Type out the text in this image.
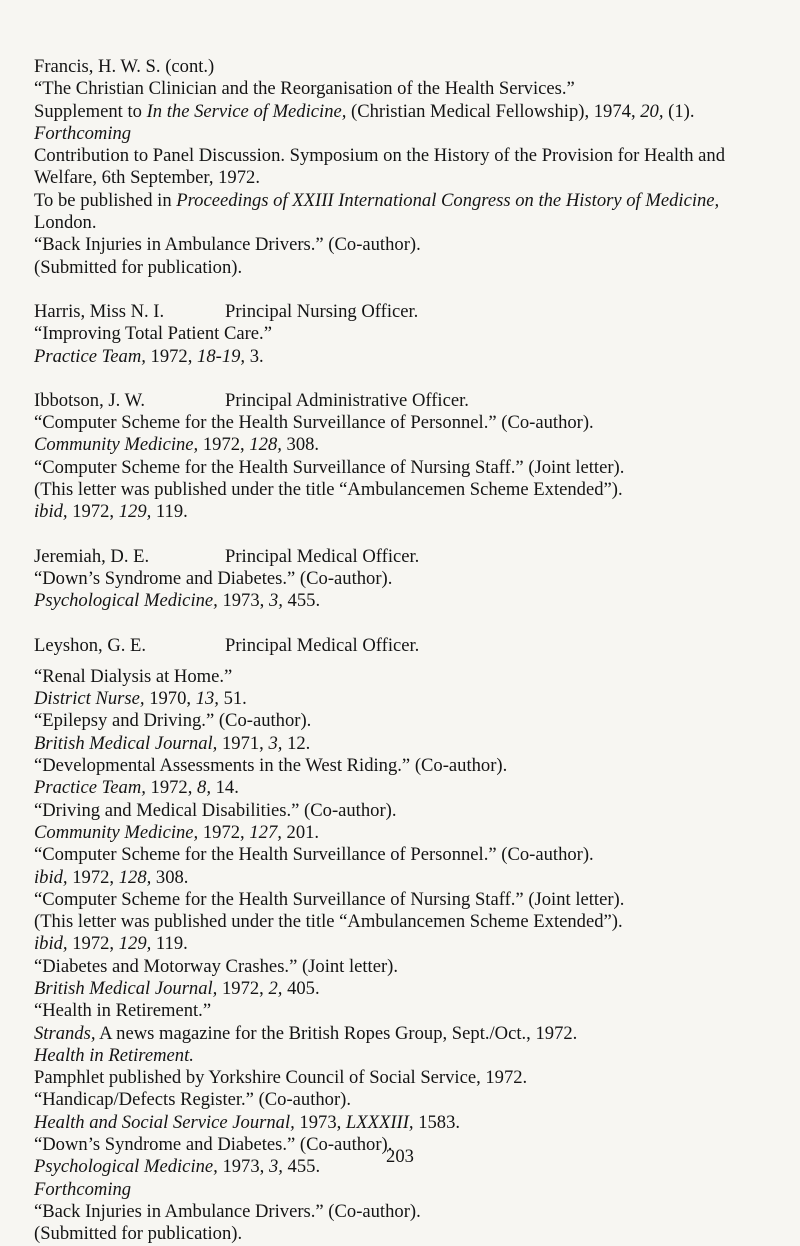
Francis, H. W. S. (cont.)
“The Christian Clinician and the Reorganisation of the Health Services.”
Supplement to In the Service of Medicine, (Christian Medical Fellowship), 1974, 20, (1).
Forthcoming
Contribution to Panel Discussion. Symposium on the History of the Provision for Health and Welfare, 6th September, 1972.
To be published in Proceedings of XXIII International Congress on the History of Medicine, London.
“Back Injuries in Ambulance Drivers.” (Co-author).
(Submitted for publication).
Harris, Miss N. I.	Principal Nursing Officer.
“Improving Total Patient Care.”
Practice Team, 1972, 18-19, 3.
Ibbotson, J. W.	Principal Administrative Officer.
“Computer Scheme for the Health Surveillance of Personnel.” (Co-author).
Community Medicine, 1972, 128, 308.
“Computer Scheme for the Health Surveillance of Nursing Staff.” (Joint letter).
(This letter was published under the title “Ambulancemen Scheme Extended”).
ibid, 1972, 129, 119.
Jeremiah, D. E.	Principal Medical Officer.
“Down’s Syndrome and Diabetes.” (Co-author).
Psychological Medicine, 1973, 3, 455.
Leyshon, G. E.	Principal Medical Officer.
“Renal Dialysis at Home.”
District Nurse, 1970, 13, 51.
“Epilepsy and Driving.” (Co-author).
British Medical Journal, 1971, 3, 12.
“Developmental Assessments in the West Riding.” (Co-author).
Practice Team, 1972, 8, 14.
“Driving and Medical Disabilities.” (Co-author).
Community Medicine, 1972, 127, 201.
“Computer Scheme for the Health Surveillance of Personnel.” (Co-author).
ibid, 1972, 128, 308.
“Computer Scheme for the Health Surveillance of Nursing Staff.” (Joint letter).
(This letter was published under the title “Ambulancemen Scheme Extended”).
ibid, 1972, 129, 119.
“Diabetes and Motorway Crashes.” (Joint letter).
British Medical Journal, 1972, 2, 405.
“Health in Retirement.”
Strands, A news magazine for the British Ropes Group, Sept./Oct., 1972.
Health in Retirement.
Pamphlet published by Yorkshire Council of Social Service, 1972.
“Handicap/Defects Register.” (Co-author).
Health and Social Service Journal, 1973, LXXXIII, 1583.
“Down’s Syndrome and Diabetes.” (Co-author).
Psychological Medicine, 1973, 3, 455.
Forthcoming
“Back Injuries in Ambulance Drivers.” (Co-author).
(Submitted for publication).
203
